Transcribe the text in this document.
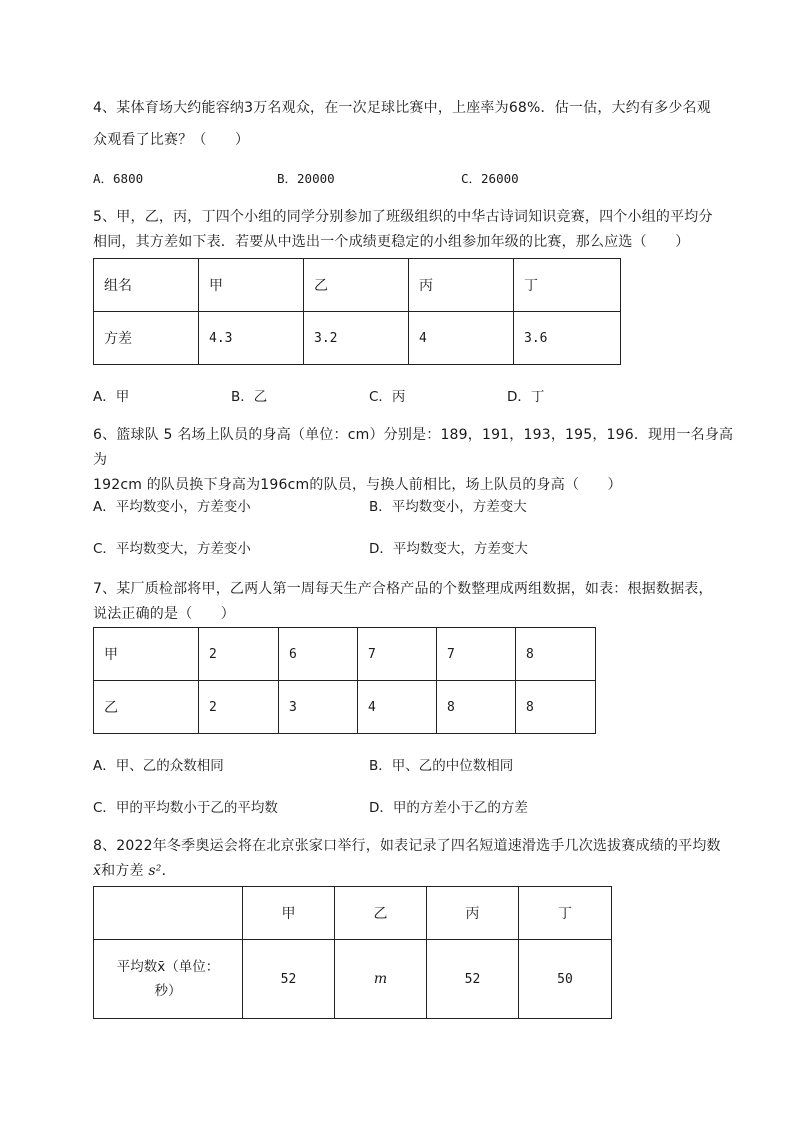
4、某体育场大约能容纳3万名观众，在一次足球比赛中，上座率为68%．估一估，大约有多少名观
众观看了比赛？（　　）
A．6800	B．20000	C．26000
5、甲，乙，丙，丁四个小组的同学分别参加了班级组织的中华古诗词知识竞赛，四个小组的平均分
相同，其方差如下表．若要从中选出一个成绩更稳定的小组参加年级的比赛，那么应选（　　）
组名	甲	乙	丙	丁
方差	4.3	3.2	4	3.6
A．甲	B．乙	C．丙	D．丁
6、篮球队 5 名场上队员的身高（单位：cm）分别是：189，191，193，195，196．现用一名身高为
192cm 的队员换下身高为196cm的队员，与换人前相比，场上队员的身高（　　）
A．平均数变小，方差变小	B．平均数变小，方差变大
C．平均数变大，方差变小	D．平均数变大，方差变大
7、某厂质检部将甲，乙两人第一周每天生产合格产品的个数整理成两组数据，如表：根据数据表，
说法正确的是（　　）
甲	2	6	7	7	8
乙	2	3	4	8	8
A．甲、乙的众数相同	B．甲、乙的中位数相同
C．甲的平均数小于乙的平均数	D．甲的方差小于乙的方差
8、2022年冬季奥运会将在北京张家口举行，如表记录了四名短道速滑选手几次选拔赛成绩的平均数
x̄和方差 s²．
	甲	乙	丙	丁

平均数x̄（单位：
秒）	52	m	52	50
